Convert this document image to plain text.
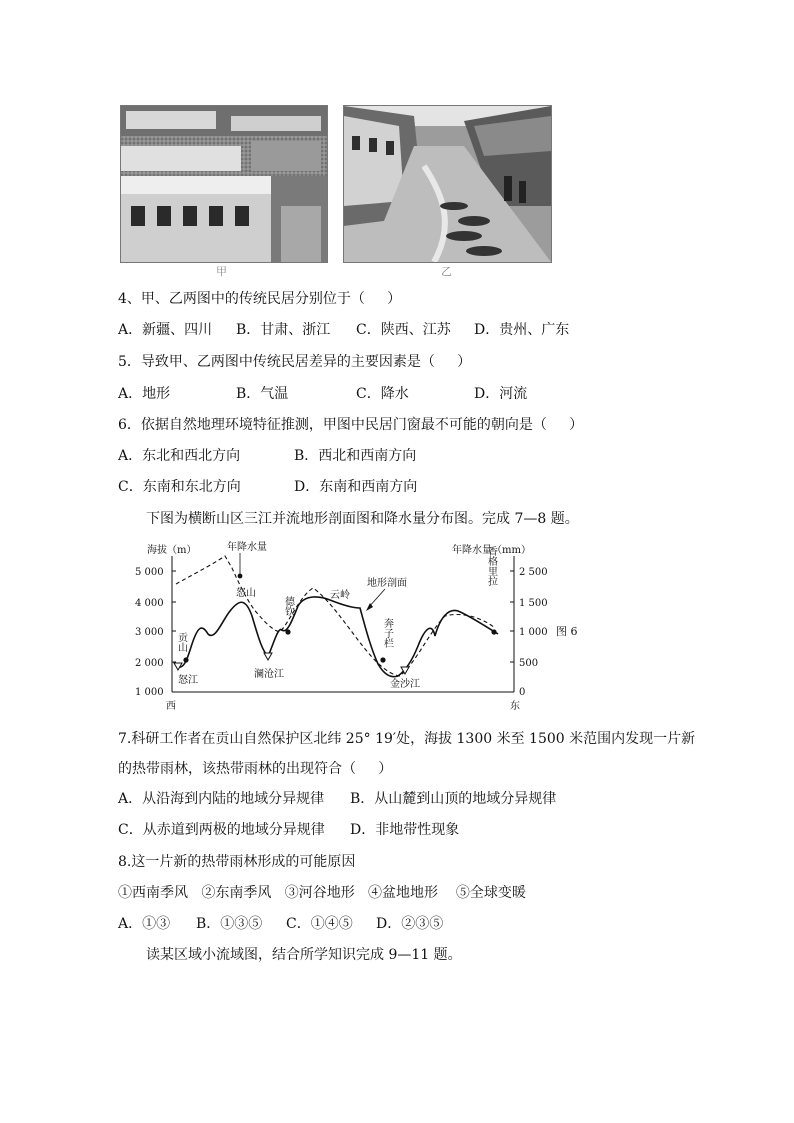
甲	乙
4、甲、乙两图中的传统民居分别位于（     ）
A．新疆、四川 B．甘肃、浙江 C．陕西、江苏 D．贵州、广东
5．导致甲、乙两图中传统民居差异的主要因素是（     ）
A．地形	B．气温	C．降水	D．河流
6．依据自然地理环境特征推测，甲图中民居门窗最不可能的朝向是（     ）
A．东北和西北方向	B．西北和西南方向
C．东南和东北方向	D．东南和西南方向
下图为横断山区三江并流地形剖面图和降水量分布图。完成 7—8 题。
海拔（m）	年降水量（mm）
5 000
4 000
3 000
2 000
1 000
2 500
1 500
1 000
500
0
年降水量
地形剖面
怒江
怒山
澜沧江
云岭
金沙江
贡山
德钦
奔子栏
香格里拉
西	东
图 6
7.科研工作者在贡山自然保护区北纬 25° 19′处，海拔 1300 米至 1500 米范围内发现一片新
的热带雨林，该热带雨林的出现符合（     ）
A．从沿海到内陆的地域分异规律 B．从山麓到山顶的地域分异规律
C．从赤道到两极的地域分异规律 D．非地带性现象
8.这一片新的热带雨林形成的可能原因
①西南季风   ②东南季风   ③河谷地形   ④盆地地形    ⑤全球变暖
A．①③ B．①③⑤ C．①④⑤ D．②③⑤
读某区域小流域图，结合所学知识完成 9—11 题。
